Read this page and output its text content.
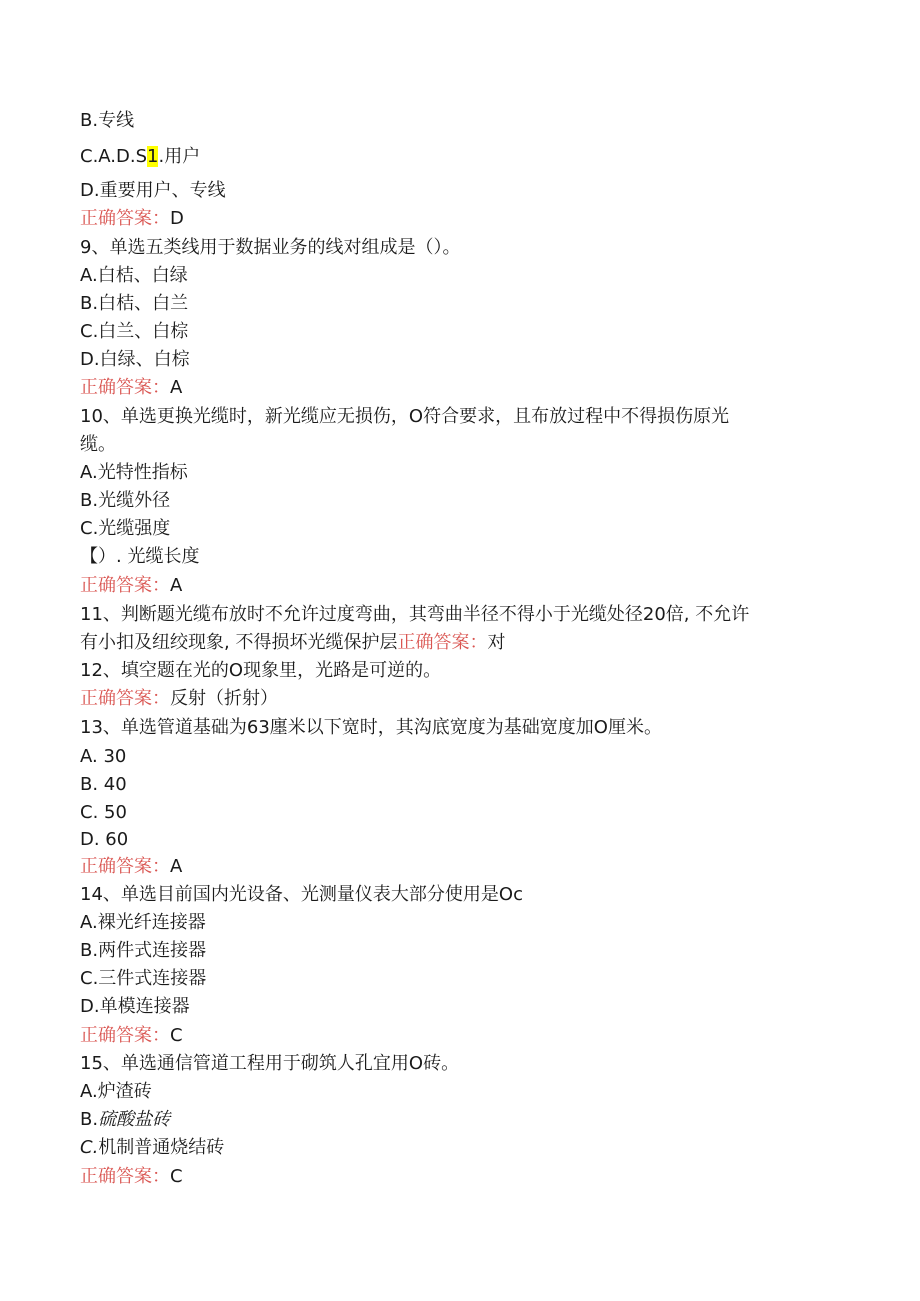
B.专线
C.A.D.S1.用户
D.重要用户、专线
正确答案：D
9、单选五类线用于数据业务的线对组成是（）。
A.白桔、白绿
B.白桔、白兰
C.白兰、白棕
D.白绿、白棕
正确答案：A
10、单选更换光缆时，新光缆应无损伤，O符合要求，且布放过程中不得损伤原光
缆。
A.光特性指标
B.光缆外径
C.光缆强度
【）. 光缆长度
正确答案：A
11、判断题光缆布放时不允许过度弯曲，其弯曲半径不得小于光缆处径20倍, 不允许
有小扣及纽绞现象, 不得损坏光缆保护层正确答案：对
12、填空题在光的O现象里，光路是可逆的。
正确答案：反射（折射）
13、单选管道基础为63廛米以下宽时，其沟底宽度为基础宽度加O厘米。
A. 30
B. 40
C. 50
D. 60
正确答案：A
14、单选目前国内光设备、光测量仪表大部分使用是Oc
A.裸光纤连接器
B.两件式连接器
C.三件式连接器
D.单模连接器
正确答案：C
15、单选通信管道工程用于砌筑人孔宜用O砖。
A.炉渣砖
B.硫酸盐砖
C.机制普通烧结砖
正确答案：C
